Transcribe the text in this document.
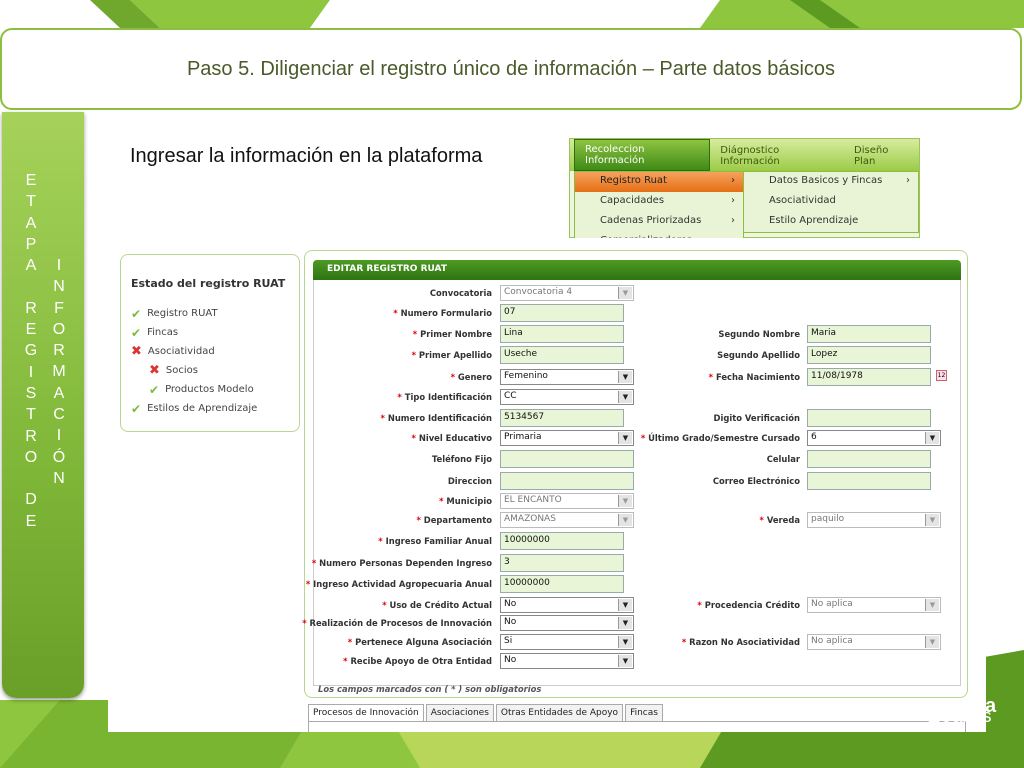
Paso 5. Diligenciar el registro único de información – Parte datos básicos
E
T
A
P
A
R
E
G
I
S
T
R
O
D
E
I
N
F
O
R
M
A
C
I
Ó
N
Ingresar la información en la plataforma	Recoleccion Información
Diágnostico Información
Diseño Plan
Registro Ruat	›
Capacidades	›
Cadenas Priorizadas	›
Datos Basicos y Fincas ›
Asociatividad
Estilo Aprendizaje
Estado del registro RUAT
✔ Registro RUAT
✔ Fincas
✖ Asociatividad
✖ Socios
✔ Productos Modelo
✔ Estilos de Aprendizaje
EDITAR REGISTRO RUAT
Los campos marcados con ( * ) son obligatorios
Convocatoria	Convocatoria 4 ▼
* Numero Formulario	07
* Primer Nombre	Lina	Segundo Nombre	Maria
* Primer Apellido	Useche	Segundo Apellido	Lopez
* Genero	Femenino ▼	* Fecha Nacimiento	11/08/1978
* Tipo Identificación	CC ▼
* Numero Identificación	5134567	Digito Verificación
* Nivel Educativo	Primaria ▼	* Último Grado/Semestre Cursado	6 ▼
Teléfono Fijo	Celular
Direccion	Correo Electrónico
* Municipio	EL ENCANTO ▼
* Departamento	AMAZONAS ▼	* Vereda	paquilo ▼
* Ingreso Familiar Anual	10000000
* Numero Personas Dependen Ingreso	3
* Ingreso Actividad Agropecuaria Anual	10000000
* Uso de Crédito Actual	No ▼	* Procedencia Crédito	No aplica ▼
* Realización de Procesos de Innovación	No ▼
* Pertenece Alguna Asociación	Si ▼	* Razon No Asociatividad	No aplica ▼
* Recibe Apoyo de Otra Entidad	No ▼
12
Procesos de Innovación	Asociaciones	Otras Entidades de Apoyo	Fincas	20años
a
